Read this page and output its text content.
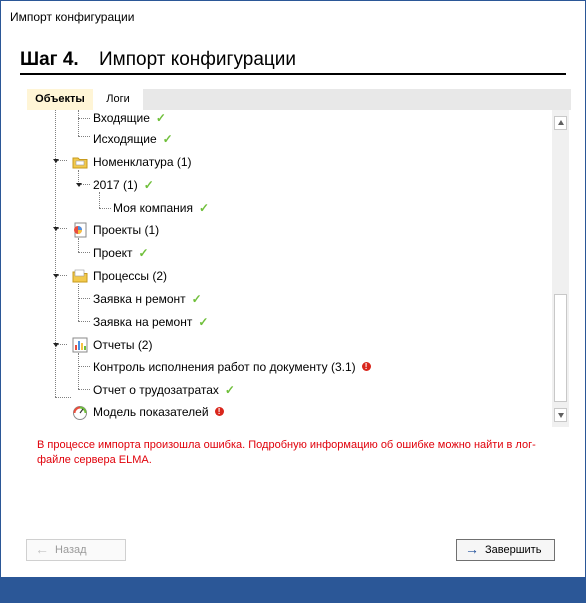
Импорт конфигурации
Шаг 4. Импорт конфигурации
Объекты	Логи
Входящие ✓
Исходящие ✓
Номенклатура (1)
2017 (1) ✓
Моя компания ✓
Проекты (1)
Проект ✓
Процессы (2)
Заявка н ремонт ✓
Заявка на ремонт ✓
Отчеты (2)
Контроль исполнения работ по документу (3.1) !
Отчет о трудозатратах ✓
Модель показателей !
В процессе импорта произошла ошибка. Подробную информацию об ошибке можно найти в лог-файле сервера ELMA.
← Назад	→ Завершить
